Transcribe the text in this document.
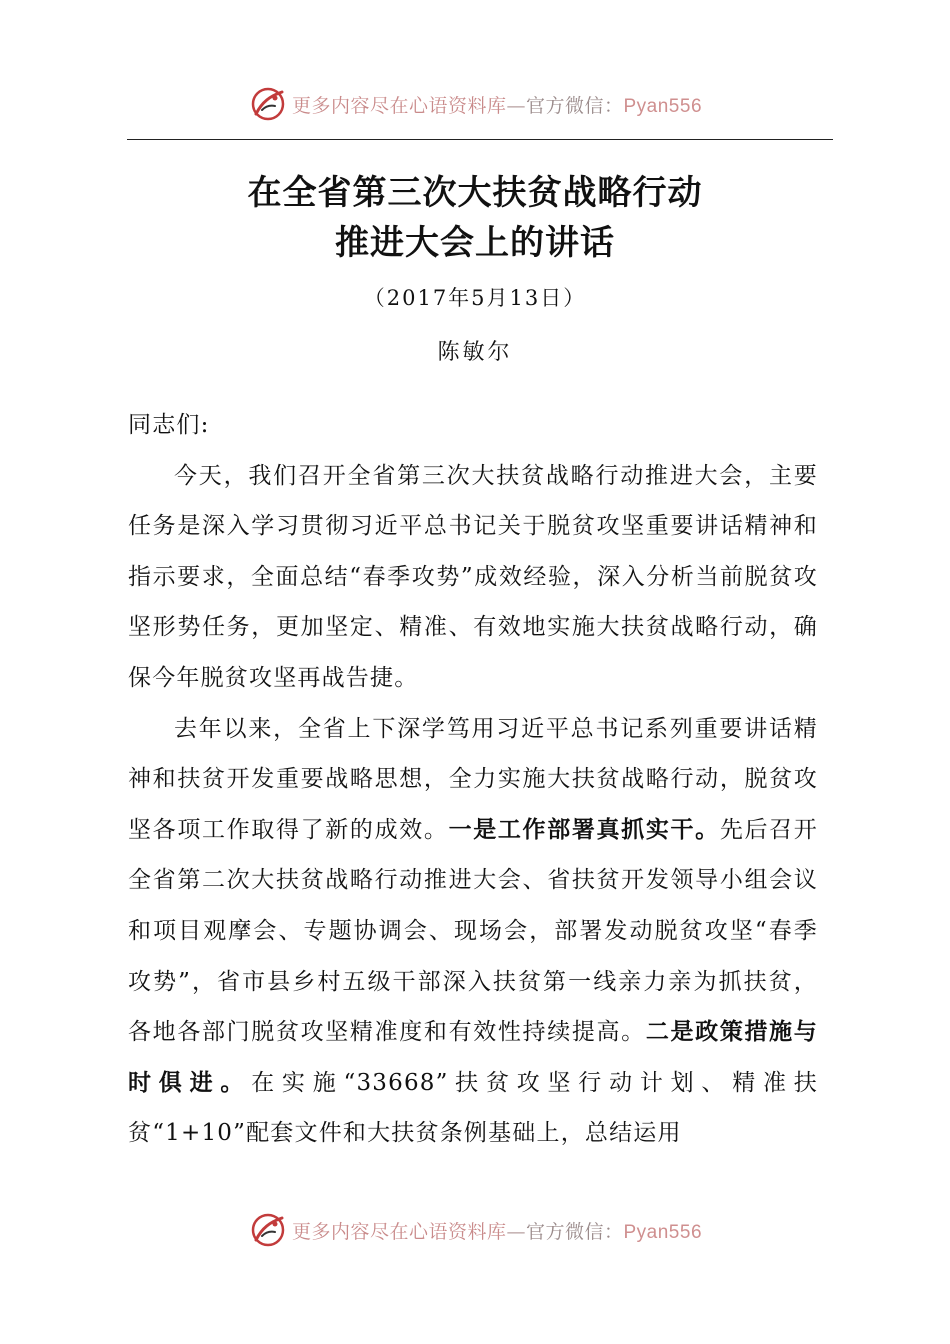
更多内容尽在心语资料库—官方微信：Pyan556
在全省第三次大扶贫战略行动
推进大会上的讲话
（2017年5月13日）
陈敏尔

同志们:

今天，我们召开全省第三次大扶贫战略行动推进大会，主要任务是深入学习贯彻习近平总书记关于脱贫攻坚重要讲话精神和指示要求，全面总结“春季攻势”成效经验，深入分析当前脱贫攻坚形势任务，更加坚定、精准、有效地实施大扶贫战略行动，确保今年脱贫攻坚再战告捷。

去年以来，全省上下深学笃用习近平总书记系列重要讲话精神和扶贫开发重要战略思想，全力实施大扶贫战略行动，脱贫攻坚各项工作取得了新的成效。一是工作部署真抓实干。先后召开全省第二次大扶贫战略行动推进大会、省扶贫开发领导小组会议和项目观摩会、专题协调会、现场会，部署发动脱贫攻坚“春季攻势”，省市县乡村五级干部深入扶贫第一线亲力亲为抓扶贫，各地各部门脱贫攻坚精准度和有效性持续提高。二是政策措施与时俱进。在实施“33668”扶贫攻坚行动计划、精准扶贫“1+10”配套文件和大扶贫条例基础上，总结运用

更多内容尽在心语资料库—官方微信：Pyan556
